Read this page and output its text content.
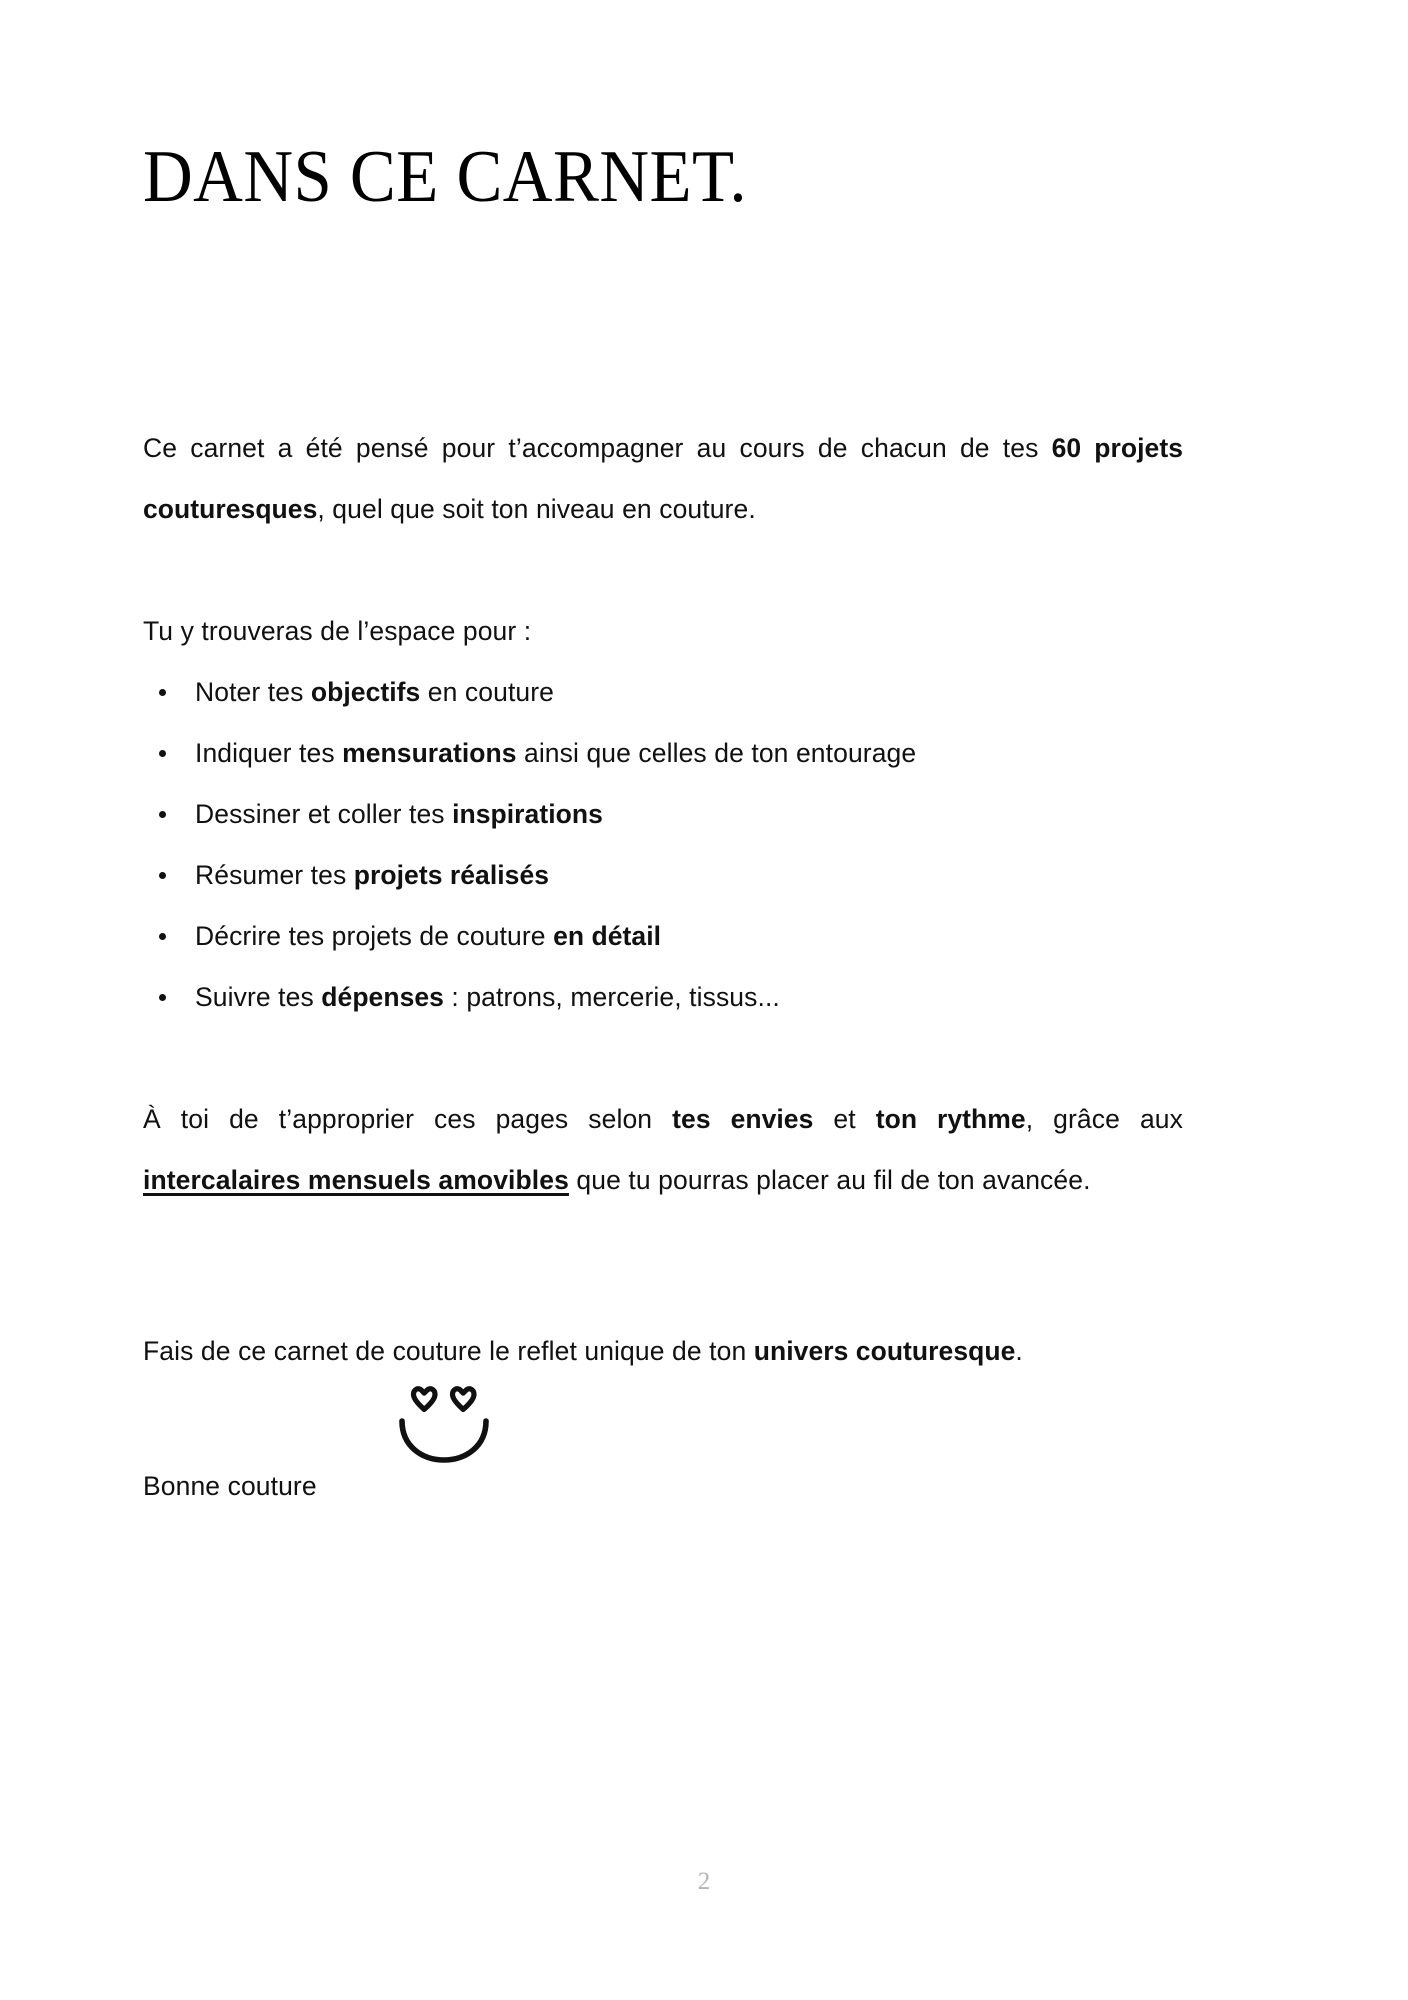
DANS CE CARNET.

Ce carnet a été pensé pour t’accompagner au cours de chacun de tes 60 projets couturesques, quel que soit ton niveau en couture.

Tu y trouveras de l’espace pour :

Noter tes objectifs en couture
Indiquer tes mensurations ainsi que celles de ton entourage
Dessiner et coller tes inspirations
Résumer tes projets réalisés
Décrire tes projets de couture en détail
Suivre tes dépenses : patrons, mercerie, tissus...

À toi de t’approprier ces pages selon tes envies et ton rythme, grâce aux intercalaires mensuels amovibles que tu pourras placer au fil de ton avancée.

Fais de ce carnet de couture le reflet unique de ton univers couturesque.

Bonne couture

2
